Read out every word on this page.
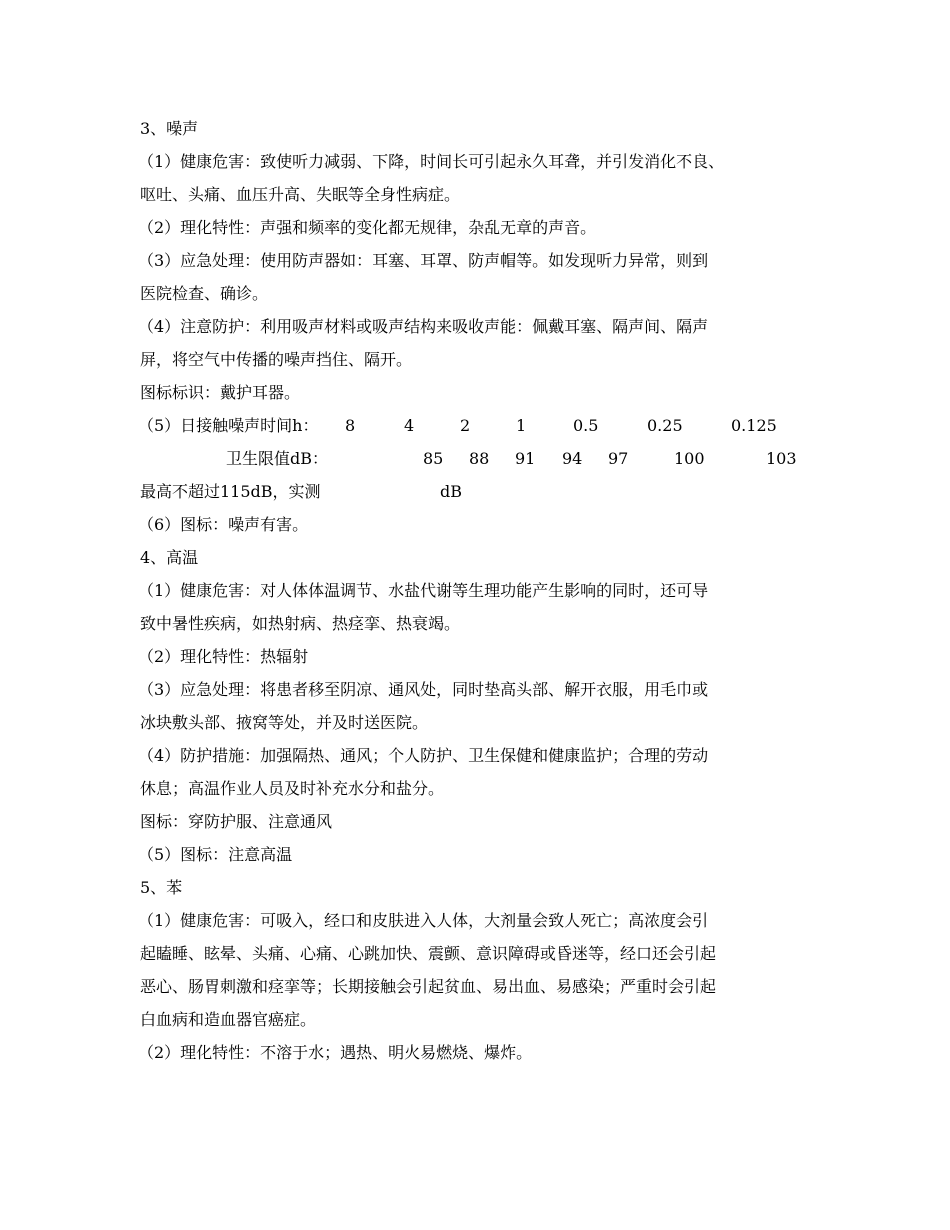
3、噪声
（1）健康危害：致使听力减弱、下降，时间长可引起永久耳聋，并引发消化不良、
呕吐、头痛、血压升高、失眠等全身性病症。
（2）理化特性：声强和频率的变化都无规律，杂乱无章的声音。
（3）应急处理：使用防声器如：耳塞、耳罩、防声帽等。如发现听力异常，则到
医院检查、确诊。
（4）注意防护：利用吸声材料或吸声结构来吸收声能：佩戴耳塞、隔声间、隔声
屏，将空气中传播的噪声挡住、隔开。
图标标识：戴护耳器。
（5）日接触噪声时间h： 8	4	2	1	0.5	0.25	0.125
卫生限值dB：	85 88 91 94 97	100	103
最高不超过115dB，实测	dB
（6）图标：噪声有害。
4、高温
（1）健康危害：对人体体温调节、水盐代谢等生理功能产生影响的同时，还可导
致中暑性疾病，如热射病、热痉挛、热衰竭。
（2）理化特性：热辐射
（3）应急处理：将患者移至阴凉、通风处，同时垫高头部、解开衣服，用毛巾或
冰块敷头部、掖窝等处，并及时送医院。
（4）防护措施：加强隔热、通风；个人防护、卫生保健和健康监护；合理的劳动
休息；高温作业人员及时补充水分和盐分。
图标：穿防护服、注意通风
（5）图标：注意高温
5、苯
（1）健康危害：可吸入，经口和皮肤进入人体，大剂量会致人死亡；高浓度会引
起瞌睡、眩晕、头痛、心痛、心跳加快、震颤、意识障碍或昏迷等，经口还会引起
恶心、肠胃刺激和痉挛等；长期接触会引起贫血、易出血、易感染；严重时会引起
白血病和造血器官癌症。
（2）理化特性：不溶于水；遇热、明火易燃烧、爆炸。
